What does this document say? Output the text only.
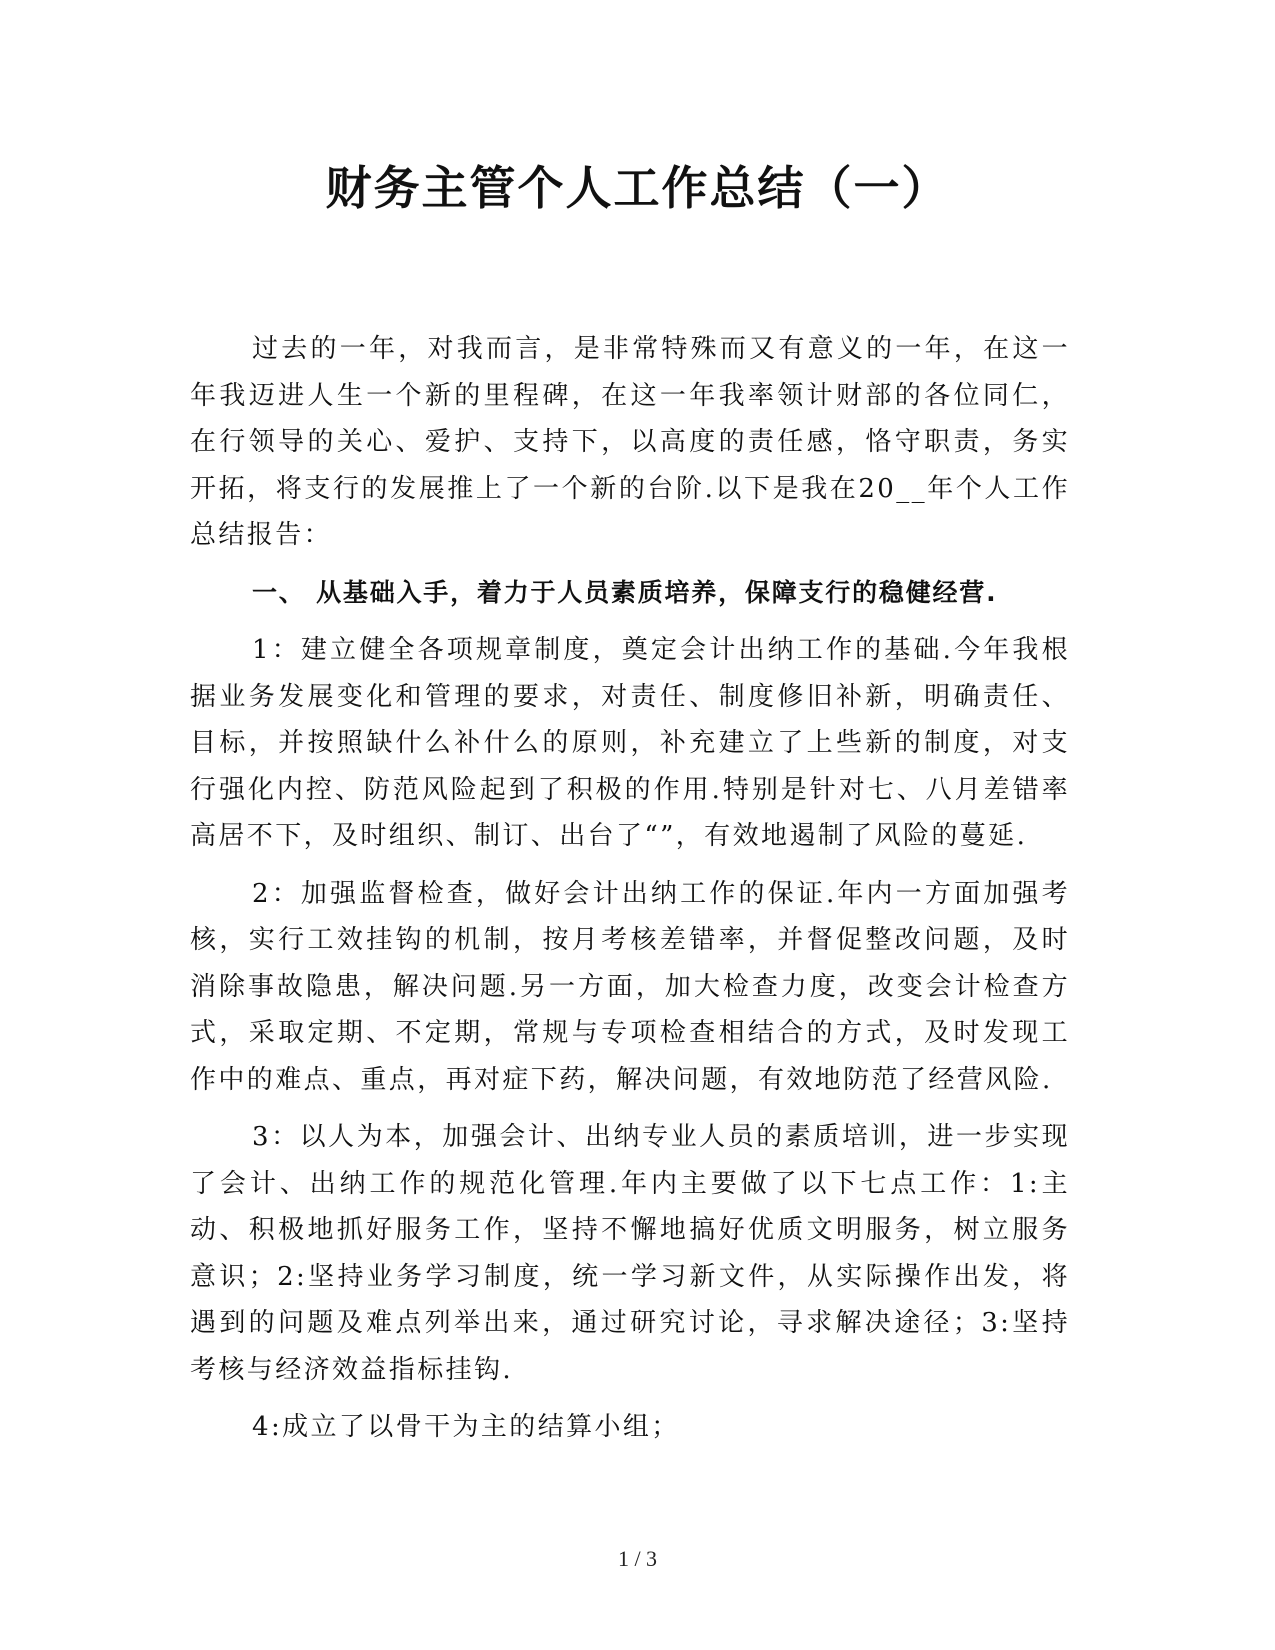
财务主管个人工作总结（一）

过去的一年，对我而言，是非常特殊而又有意义的一年，在这一年我迈进人生一个新的里程碑，在这一年我率领计财部的各位同仁，在行领导的关心、爱护、支持下，以高度的责任感，恪守职责，务实开拓，将支行的发展推上了一个新的台阶.以下是我在20__年个人工作总结报告：

一、 从基础入手，着力于人员素质培养，保障支行的稳健经营.

1：建立健全各项规章制度，奠定会计出纳工作的基础.今年我根据业务发展变化和管理的要求，对责任、制度修旧补新，明确责任、目标，并按照缺什么补什么的原则，补充建立了上些新的制度，对支行强化内控、防范风险起到了积极的作用.特别是针对七、八月差错率高居不下，及时组织、制订、出台了“”，有效地遏制了风险的蔓延.

2：加强监督检查，做好会计出纳工作的保证.年内一方面加强考核，实行工效挂钩的机制，按月考核差错率，并督促整改问题，及时消除事故隐患，解决问题.另一方面，加大检查力度，改变会计检查方式，采取定期、不定期，常规与专项检查相结合的方式，及时发现工作中的难点、重点，再对症下药，解决问题，有效地防范了经营风险.

3：以人为本，加强会计、出纳专业人员的素质培训，进一步实现了会计、出纳工作的规范化管理.年内主要做了以下七点工作：1:主动、积极地抓好服务工作，坚持不懈地搞好优质文明服务，树立服务意识；2:坚持业务学习制度，统一学习新文件，从实际操作出发，将遇到的问题及难点列举出来，通过研究讨论，寻求解决途径；3:坚持考核与经济效益指标挂钩.

4:成立了以骨干为主的结算小组；

1 / 3
